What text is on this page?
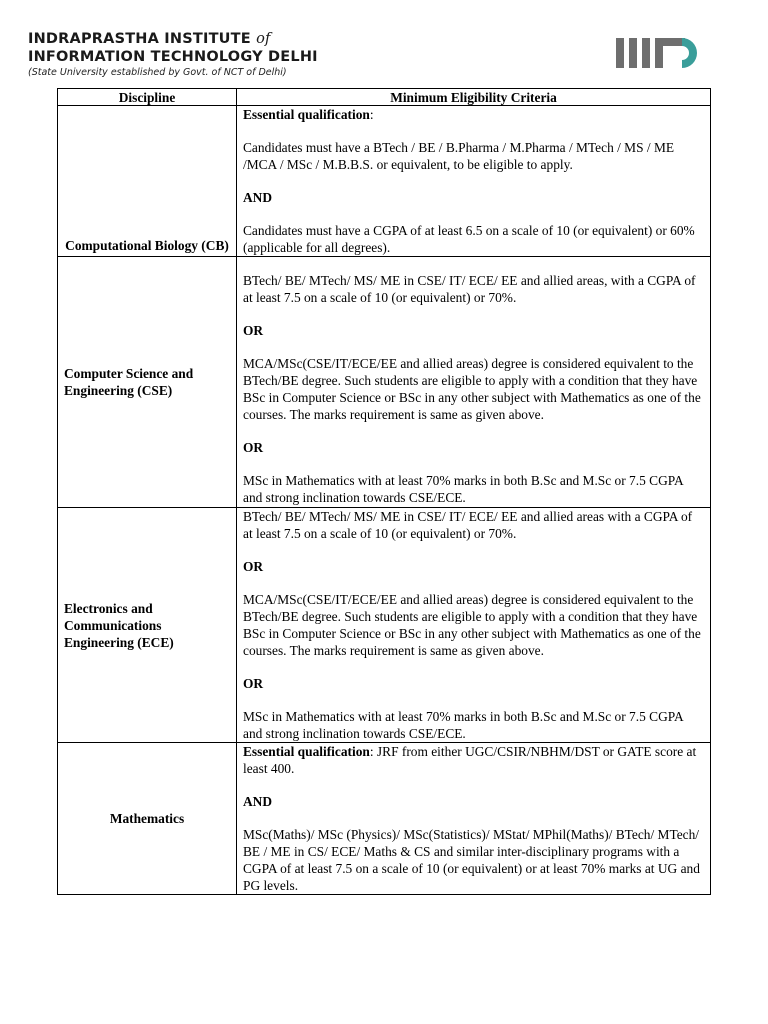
INDRAPRASTHA INSTITUTE of
INFORMATION TECHNOLOGY DELHI
(State University established by Govt. of NCT of Delhi)
Discipline	Minimum Eligibility Criteria
Computational Biology (CB)	Essential qualification:

Candidates must have a BTech / BE / B.Pharma / M.Pharma / MTech / MS / ME /MCA / MSc / M.B.B.S. or equivalent, to be eligible to apply.

AND

Candidates must have a CGPA of at least 6.5 on a scale of 10 (or equivalent) or 60% (applicable for all degrees).

Computer Science and Engineering (CSE)	BTech/ BE/ MTech/ MS/ ME in CSE/ IT/ ECE/ EE and allied areas, with a CGPA of at least 7.5 on a scale of 10 (or equivalent) or 70%.

OR

MCA/MSc(CSE/IT/ECE/EE and allied areas) degree is considered equivalent to the BTech/BE degree. Such students are eligible to apply with a condition that they have BSc in Computer Science or BSc in any other subject with Mathematics as one of the courses. The marks requirement is same as given above.

OR

MSc in Mathematics with at least 70% marks in both B.Sc and M.Sc or 7.5 CGPA and strong inclination towards CSE/ECE.

Electronics and Communications Engineering (ECE)	BTech/ BE/ MTech/ MS/ ME in CSE/ IT/ ECE/ EE and allied areas with a CGPA of at least 7.5 on a scale of 10 (or equivalent) or 70%.

OR

MCA/MSc(CSE/IT/ECE/EE and allied areas) degree is considered equivalent to the BTech/BE degree. Such students are eligible to apply with a condition that they have BSc in Computer Science or BSc in any other subject with Mathematics as one of the courses. The marks requirement is same as given above.

OR

MSc in Mathematics with at least 70% marks in both B.Sc and M.Sc or 7.5 CGPA and strong inclination towards CSE/ECE.

Mathematics	Essential qualification: JRF from either UGC/CSIR/NBHM/DST or GATE score at least 400.

AND

MSc(Maths)/ MSc (Physics)/ MSc(Statistics)/ MStat/ MPhil(Maths)/ BTech/ MTech/ BE / ME in CS/ ECE/ Maths & CS and similar inter-disciplinary programs with a CGPA of at least 7.5 on a scale of 10 (or equivalent) or at least 70% marks at UG and PG levels.
